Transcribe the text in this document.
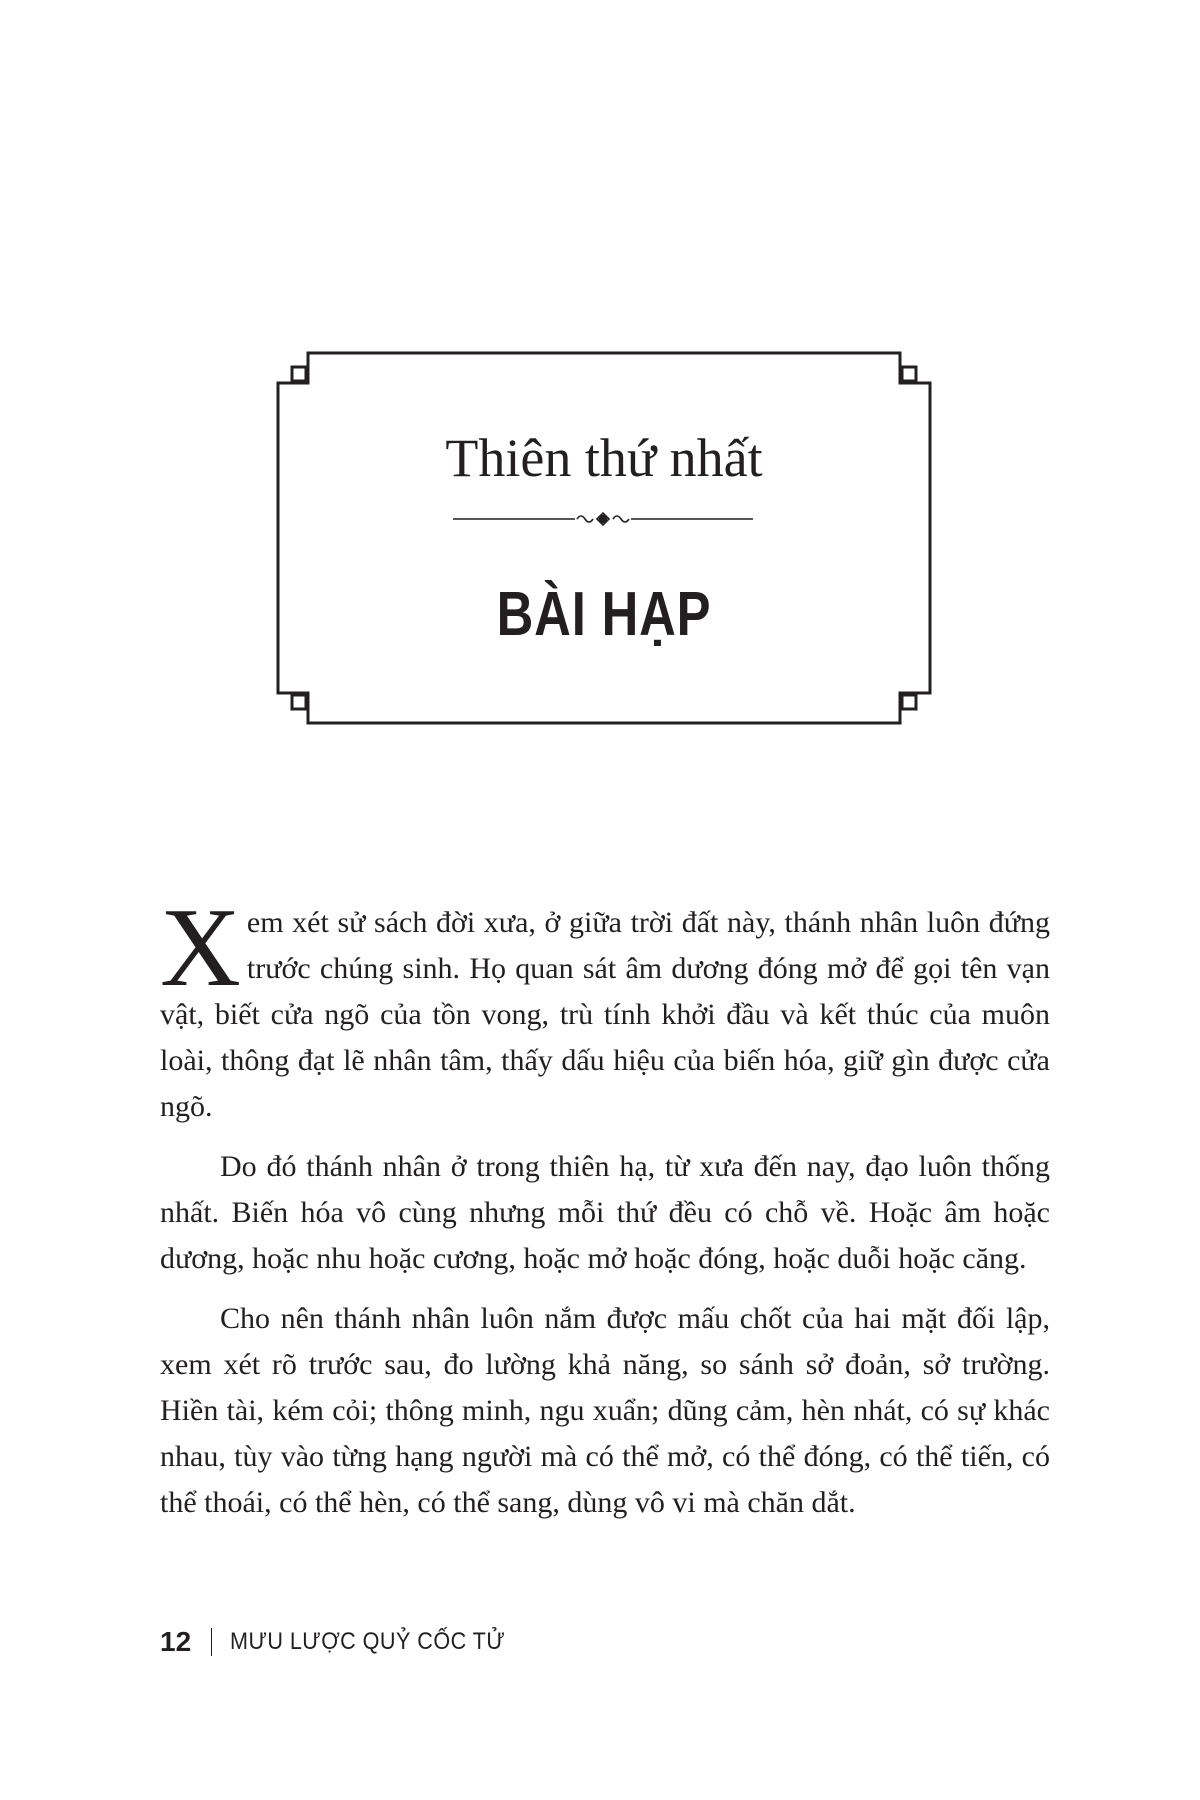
Thiên thứ nhất
BÀI HẠP

Xem xét sử sách đời xưa, ở giữa trời đất này, thánh nhân luôn đứng trước chúng sinh. Họ quan sát âm dương đóng mở để gọi tên vạn vật, biết cửa ngõ của tồn vong, trù tính khởi đầu và kết thúc của muôn loài, thông đạt lẽ nhân tâm, thấy dấu hiệu của biến hóa, giữ gìn được cửa ngõ.

Do đó thánh nhân ở trong thiên hạ, từ xưa đến nay, đạo luôn thống nhất. Biến hóa vô cùng nhưng mỗi thứ đều có chỗ về. Hoặc âm hoặc dương, hoặc nhu hoặc cương, hoặc mở hoặc đóng, hoặc duỗi hoặc căng.

Cho nên thánh nhân luôn nắm được mấu chốt của hai mặt đối lập, xem xét rõ trước sau, đo lường khả năng, so sánh sở đoản, sở trường. Hiền tài, kém cỏi; thông minh, ngu xuẩn; dũng cảm, hèn nhát, có sự khác nhau, tùy vào từng hạng người mà có thể mở, có thể đóng, có thể tiến, có thể thoái, có thể hèn, có thể sang, dùng vô vi mà chăn dắt.

12 MƯU LƯỢC QUỶ CỐC TỬ
